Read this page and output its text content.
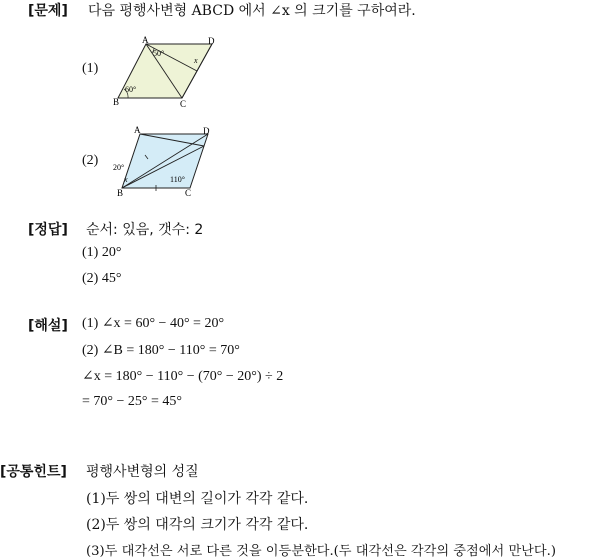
[문제] 다음 평행사변형 ABCD 에서 ∠x 의 크기를 구하여라.
(1)
A	D
B	C
50°
60°
x
(2)
A	D
B	C
20°
110°
x
[정답] 순서: 있음, 갯수: 2
(1) 20°
(2) 45°
[해설] (1) ∠x = 60° − 40° = 20°
(2) ∠B = 180° − 110° = 70°
∠x = 180° − 110° − (70° − 20°) ÷ 2
= 70° − 25° = 45°
[공통힌트] 평행사변형의 성질
(1)두 쌍의 대변의 길이가 각각 같다.
(2)두 쌍의 대각의 크기가 각각 같다.
(3)두 대각선은 서로 다른 것을 이등분한다.(두 대각선은 각각의 중점에서 만난다.)
